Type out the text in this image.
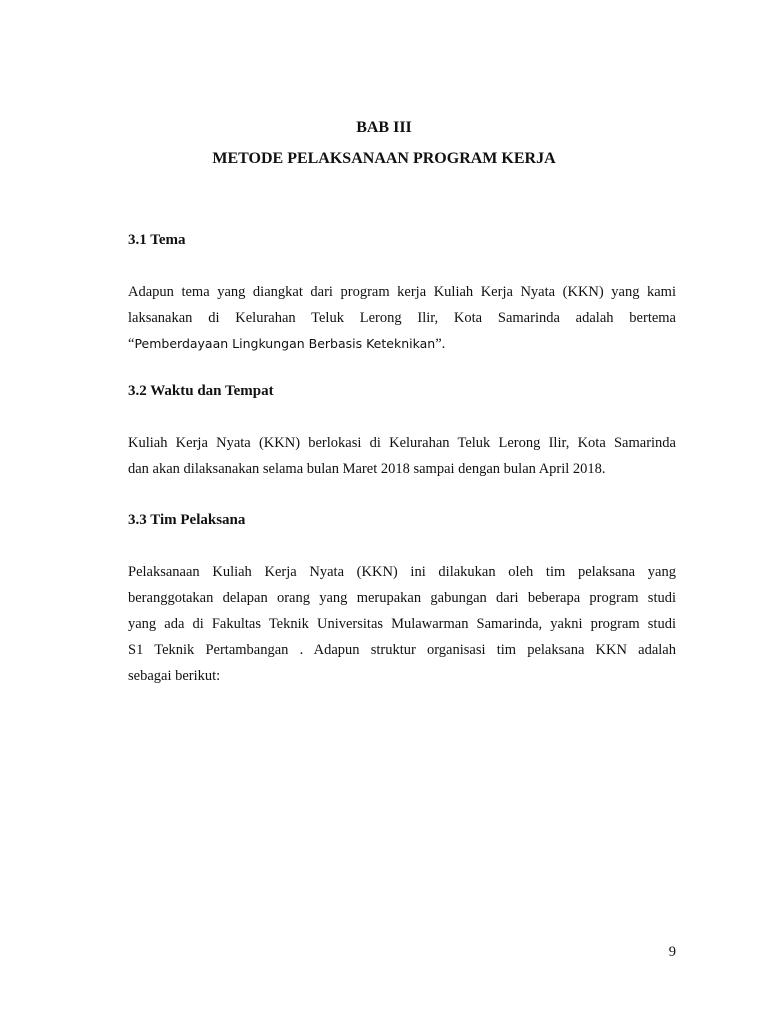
BAB III
METODE PELAKSANAAN PROGRAM KERJA
3.1 Tema
Adapun tema yang diangkat dari program kerja Kuliah Kerja Nyata (KKN) yang kami
laksanakan di Kelurahan Teluk Lerong Ilir, Kota Samarinda adalah bertema
“Pemberdayaan Lingkungan Berbasis Keteknikan”.
3.2 Waktu dan Tempat
Kuliah Kerja Nyata (KKN) berlokasi di Kelurahan Teluk Lerong Ilir, Kota Samarinda
dan akan dilaksanakan selama bulan Maret 2018 sampai dengan bulan April 2018.
3.3 Tim Pelaksana
Pelaksanaan Kuliah Kerja Nyata (KKN) ini dilakukan oleh tim pelaksana yang
beranggotakan delapan orang yang merupakan gabungan dari beberapa program studi
yang ada di Fakultas Teknik Universitas Mulawarman Samarinda, yakni program studi
S1 Teknik Pertambangan . Adapun struktur organisasi tim pelaksana KKN adalah
sebagai berikut:
9
